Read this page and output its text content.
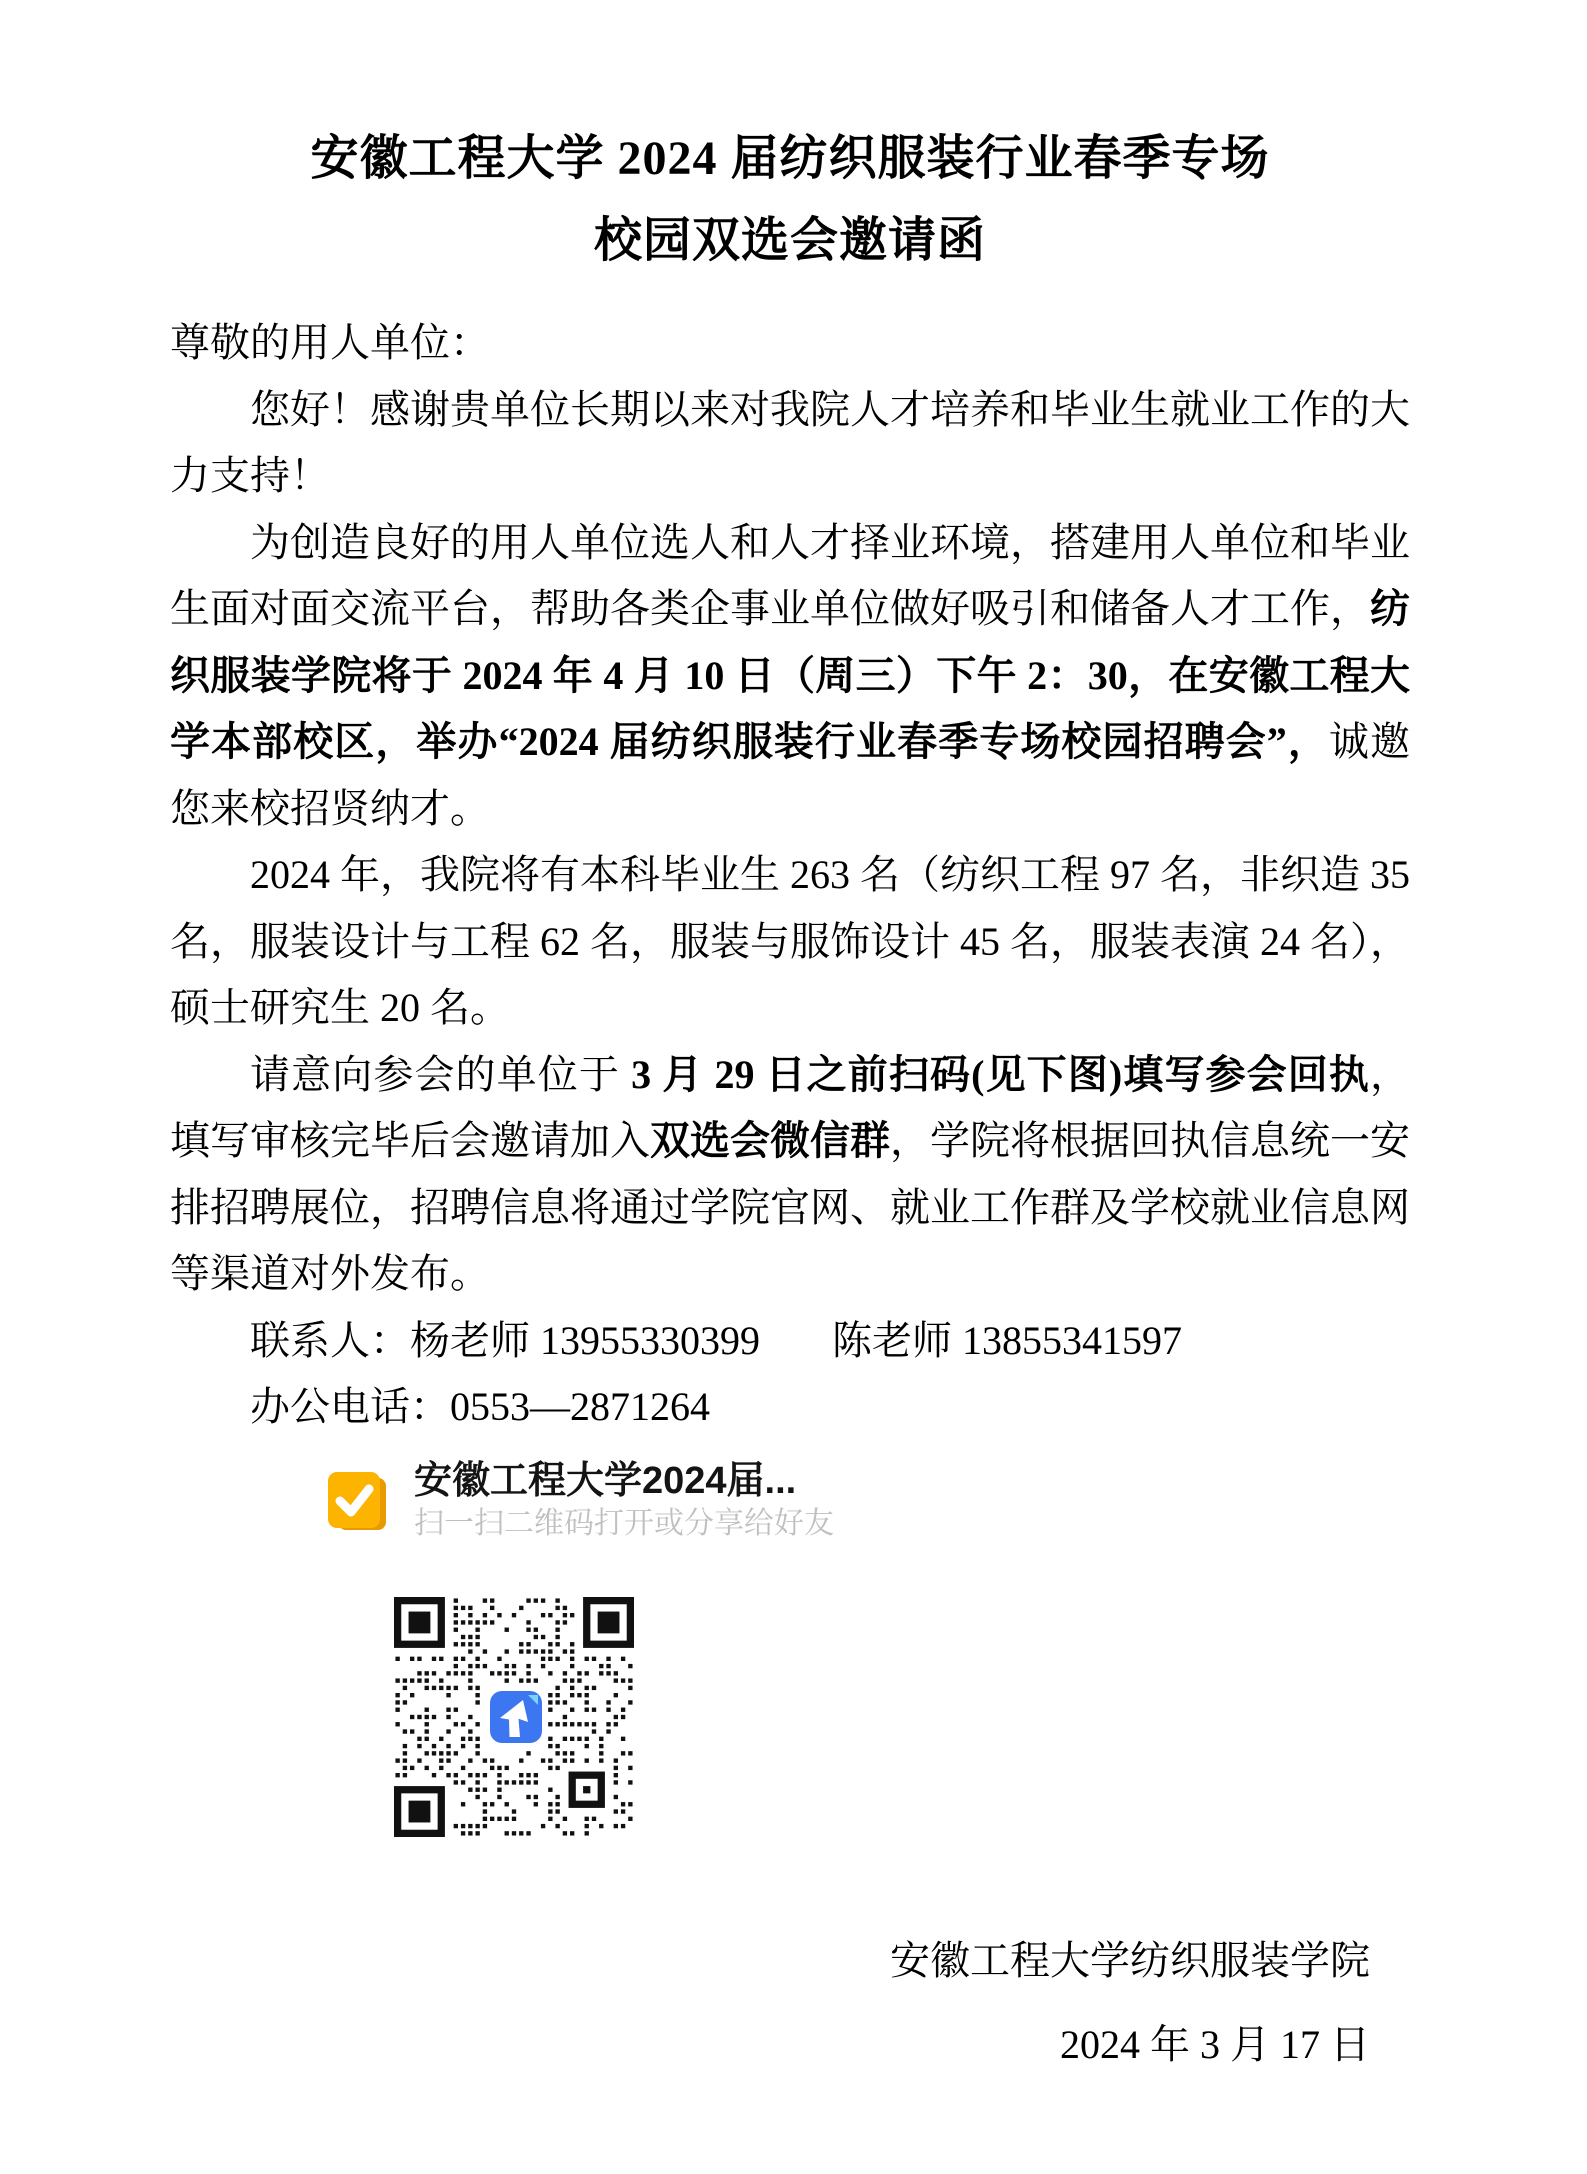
安徽工程大学 2024 届纺织服装行业春季专场
校园双选会邀请函
尊敬的用人单位：

您好！感谢贵单位长期以来对我院人才培养和毕业生就业工作的大力支持！

为创造良好的用人单位选人和人才择业环境，搭建用人单位和毕业生面对面交流平台，帮助各类企事业单位做好吸引和储备人才工作，纺织服装学院将于 2024 年 4 月 10 日（周三）下午 2：30，在安徽工程大学本部校区，举办“2024 届纺织服装行业春季专场校园招聘会”，诚邀您来校招贤纳才。

2024 年，我院将有本科毕业生 263 名（纺织工程 97 名，非织造 35 名，服装设计与工程 62 名，服装与服饰设计 45 名，服装表演 24 名），硕士研究生 20 名。

请意向参会的单位于 3 月 29 日之前扫码(见下图)填写参会回执，填写审核完毕后会邀请加入双选会微信群，学院将根据回执信息统一安排招聘展位，招聘信息将通过学院官网、就业工作群及学校就业信息网等渠道对外发布。

联系人：杨老师 13955330399 陈老师 13855341597

办公电话：0553—2871264

安徽工程大学2024届...
扫一扫二维码打开或分享给好友
安徽工程大学纺织服装学院
2024 年 3 月 17 日
